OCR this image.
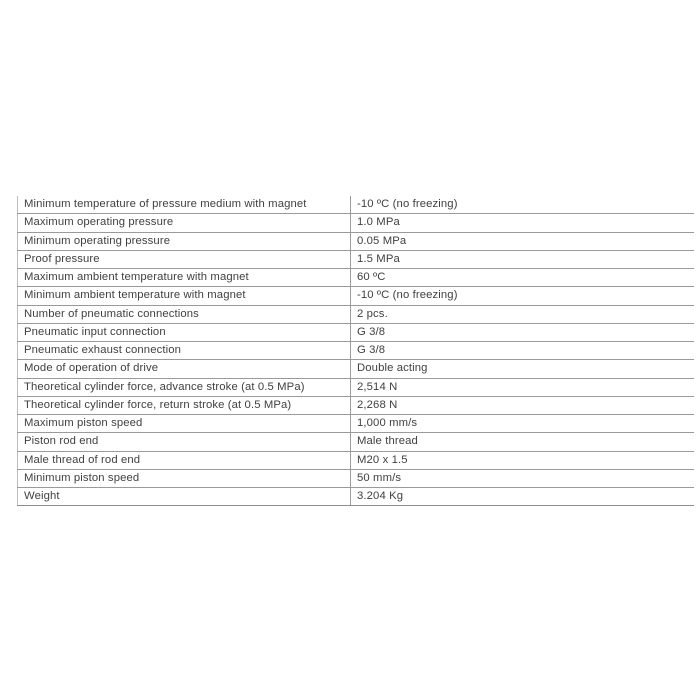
Minimum temperature of pressure medium with magnet	-10 ºC (no freezing)
Maximum operating pressure	1.0 MPa
Minimum operating pressure	0.05 MPa
Proof pressure	1.5 MPa
Maximum ambient temperature with magnet	60 ºC
Minimum ambient temperature with magnet	-10 ºC (no freezing)
Number of pneumatic connections	2 pcs.
Pneumatic input connection	G 3/8
Pneumatic exhaust connection	G 3/8
Mode of operation of drive	Double acting
Theoretical cylinder force, advance stroke (at 0.5 MPa)	2,514 N
Theoretical cylinder force, return stroke (at 0.5 MPa)	2,268 N
Maximum piston speed	1,000 mm/s
Piston rod end	Male thread
Male thread of rod end	M20 x 1.5
Minimum piston speed	50 mm/s
Weight	3.204 Kg
